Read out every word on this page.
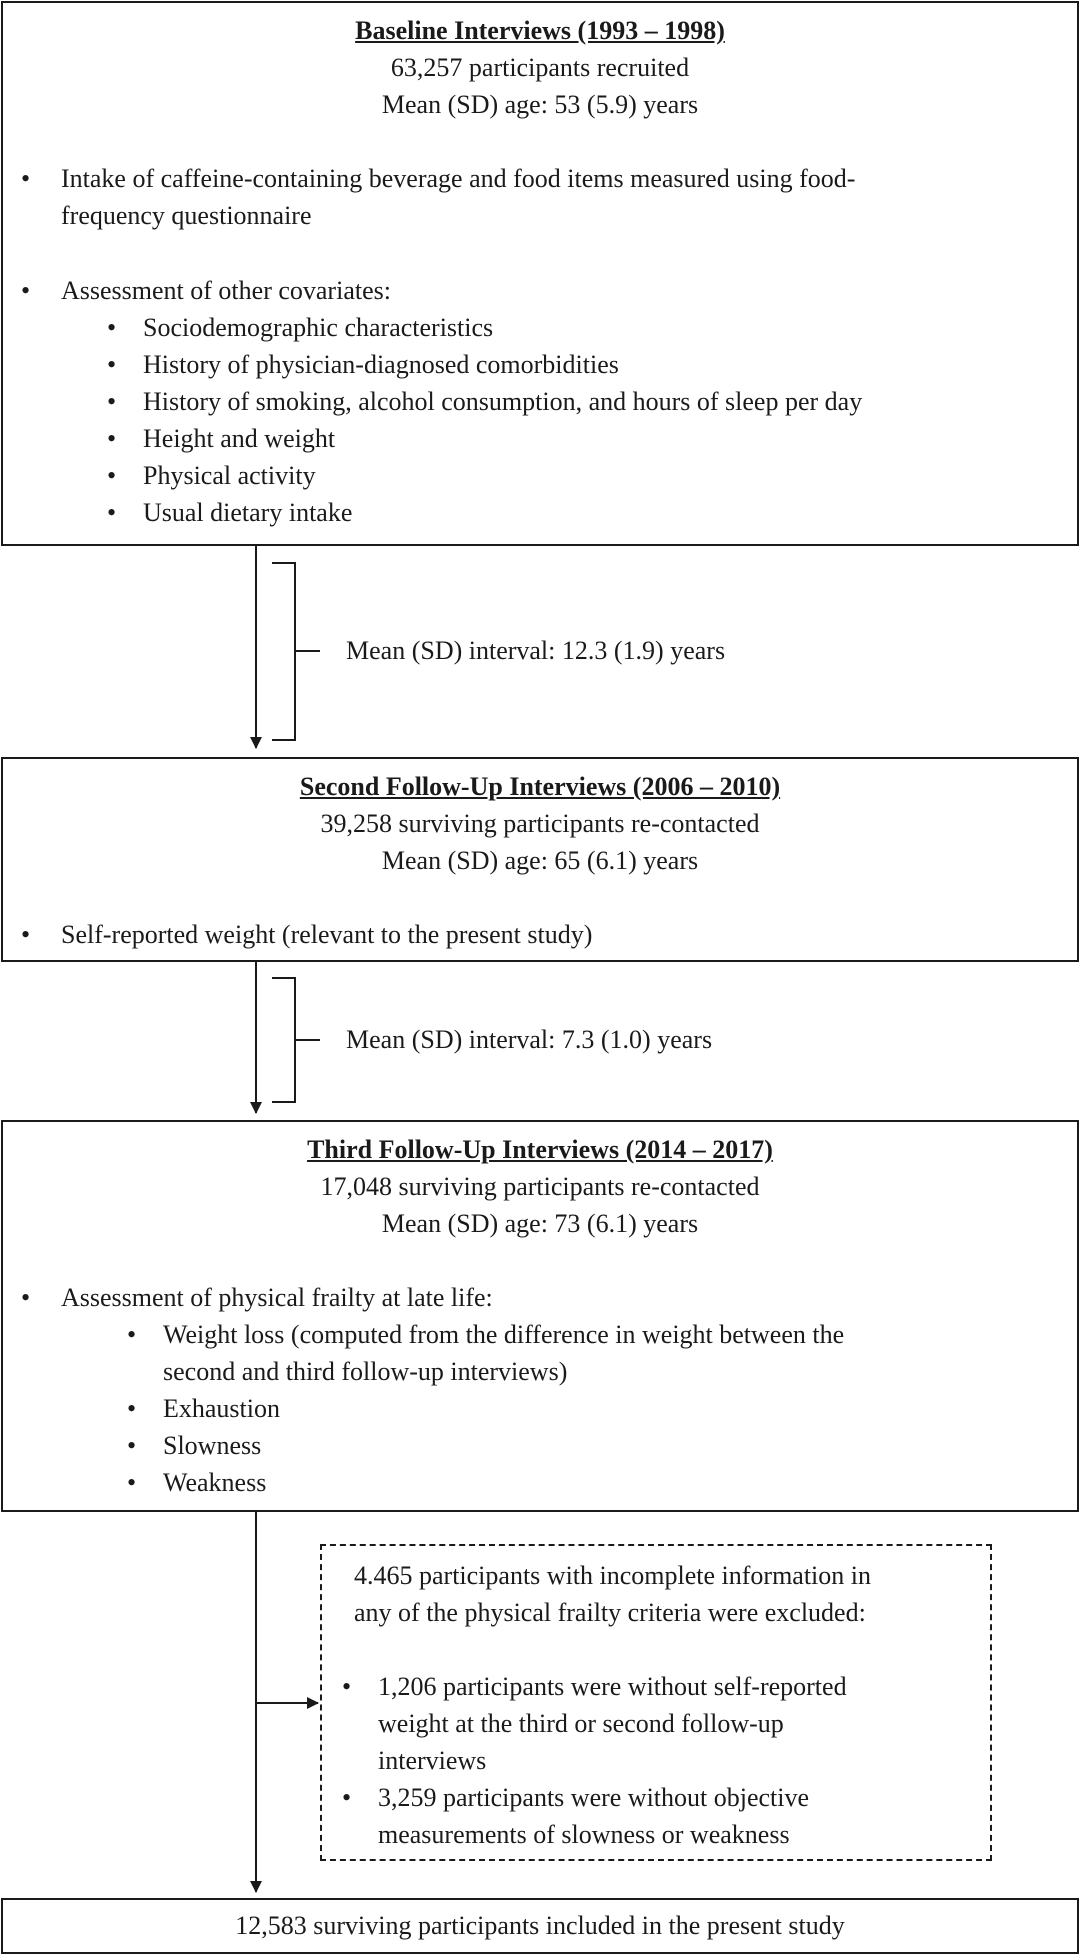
Baseline Interviews (1993 – 1998)
63,257 participants recruited
Mean (SD) age: 53 (5.9) years
• Intake of caffeine-containing beverage and food items measured using food-
frequency questionnaire
• Assessment of other covariates:
• Sociodemographic characteristics
• History of physician-diagnosed comorbidities
• History of smoking, alcohol consumption, and hours of sleep per day
• Height and weight
• Physical activity
• Usual dietary intake
Mean (SD) interval: 12.3 (1.9) years
Second Follow-Up Interviews (2006 – 2010)
39,258 surviving participants re-contacted
Mean (SD) age: 65 (6.1) years
• Self-reported weight (relevant to the present study)
Mean (SD) interval: 7.3 (1.0) years
Third Follow-Up Interviews (2014 – 2017)
17,048 surviving participants re-contacted
Mean (SD) age: 73 (6.1) years
• Assessment of physical frailty at late life:
• Weight loss (computed from the difference in weight between the
second and third follow-up interviews)
• Exhaustion
• Slowness
• Weakness
4.465 participants with incomplete information in
any of the physical frailty criteria were excluded:
• 1,206 participants were without self-reported
weight at the third or second follow-up
interviews
• 3,259 participants were without objective
measurements of slowness or weakness
12,583 surviving participants included in the present study
